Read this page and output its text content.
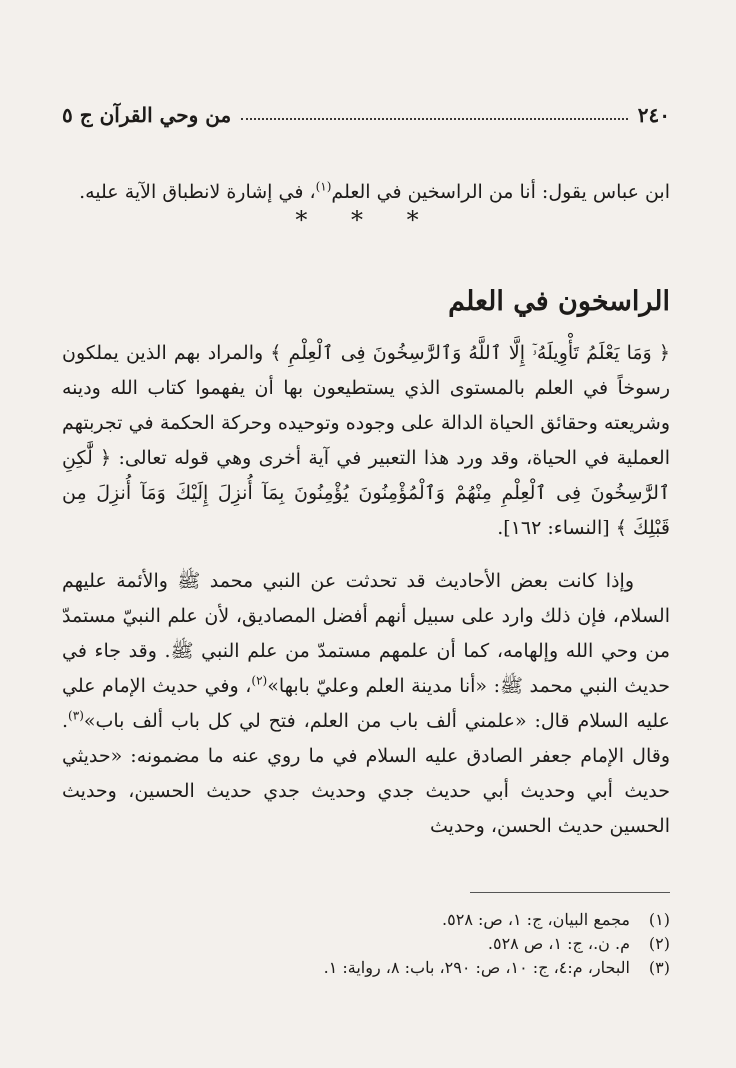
٢٤٠
من وحي القرآن ج ٥

ابن عباس يقول: أنا من الراسخين في العلم$^{(١)}$، في إشارة لانطباق الآية عليه.

* * *
الراسخون في العلم

﴿ وَمَا يَعْلَمُ تَأْوِيلَهُۥٓ إِلَّا ٱللَّهُ وَٱلرَّٰسِخُونَ فِى ٱلْعِلْمِ ﴾ والمراد بهم الذين يملكون رسوخاً في العلم بالمستوى الذي يستطيعون بها أن يفهموا كتاب الله ودينه وشريعته وحقائق الحياة الدالة على وجوده وتوحيده وحركة الحكمة في تجربتهم العملية في الحياة، وقد ورد هذا التعبير في آية أخرى وهي قوله تعالى: ﴿ لَّٰكِنِ ٱلرَّٰسِخُونَ فِى ٱلْعِلْمِ مِنْهُمْ وَٱلْمُؤْمِنُونَ يُؤْمِنُونَ بِمَآ أُنزِلَ إِلَيْكَ وَمَآ أُنزِلَ مِن قَبْلِكَ ﴾ [النساء: ١٦٢].

وإذا كانت بعض الأحاديث قد تحدثت عن النبي محمد ﷺ والأئمة عليهم السلام، فإن ذلك وارد على سبيل أنهم أفضل المصاديق، لأن علم النبيّ مستمدّ من وحي الله وإلهامه، كما أن علمهم مستمدّ من علم النبي ﷺ. وقد جاء في حديث النبي محمد ﷺ: «أنا مدينة العلم وعليّ بابها»$^{(٢)}$، وفي حديث الإمام علي عليه السلام قال: «علمني ألف باب من العلم، فتح لي كل باب ألف باب»$^{(٣)}$. وقال الإمام جعفر الصادق عليه السلام في ما روي عنه ما مضمونه: «حديثي حديث أبي وحديث أبي حديث جدي وحديث جدي حديث الحسين، وحديث الحسين حديث الحسن، وحديث

(١)
مجمع البيان، ج: ١، ص: ٥٢٨.
(٢)
م. ن.، ج: ١، ص ٥٢٨.
(٣)
البحار، م:٤، ج: ١٠، ص: ٢٩٠، باب: ٨، رواية: ١.
